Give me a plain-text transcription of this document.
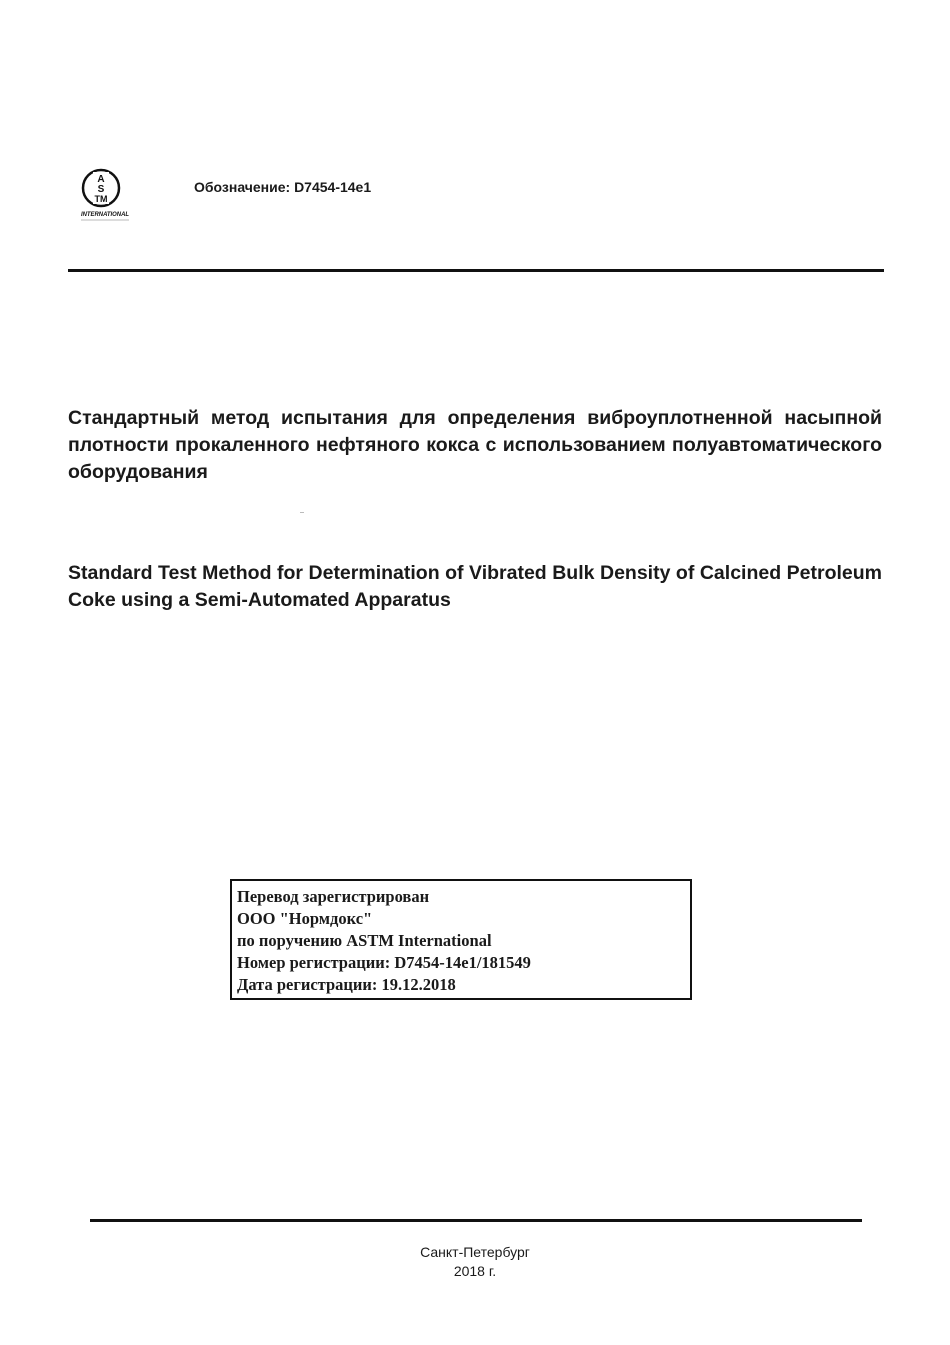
A
S
TM
INTERNATIONAL
Обозначение: D7454-14e1
Стандартный метод испытания для определения виброуплотненной насыпной плотности прокаленного нефтяного кокса с использованием полуавтоматического оборудования
Standard Test Method for Determination of Vibrated Bulk Density of Calcined Petroleum Coke using a Semi-Automated Apparatus
Перевод зарегистрирован
ООО "Нормдокс"
по поручению ASTM International
Номер регистрации: D7454-14e1/181549
Дата регистрации: 19.12.2018
Санкт-Петербург
2018 г.
